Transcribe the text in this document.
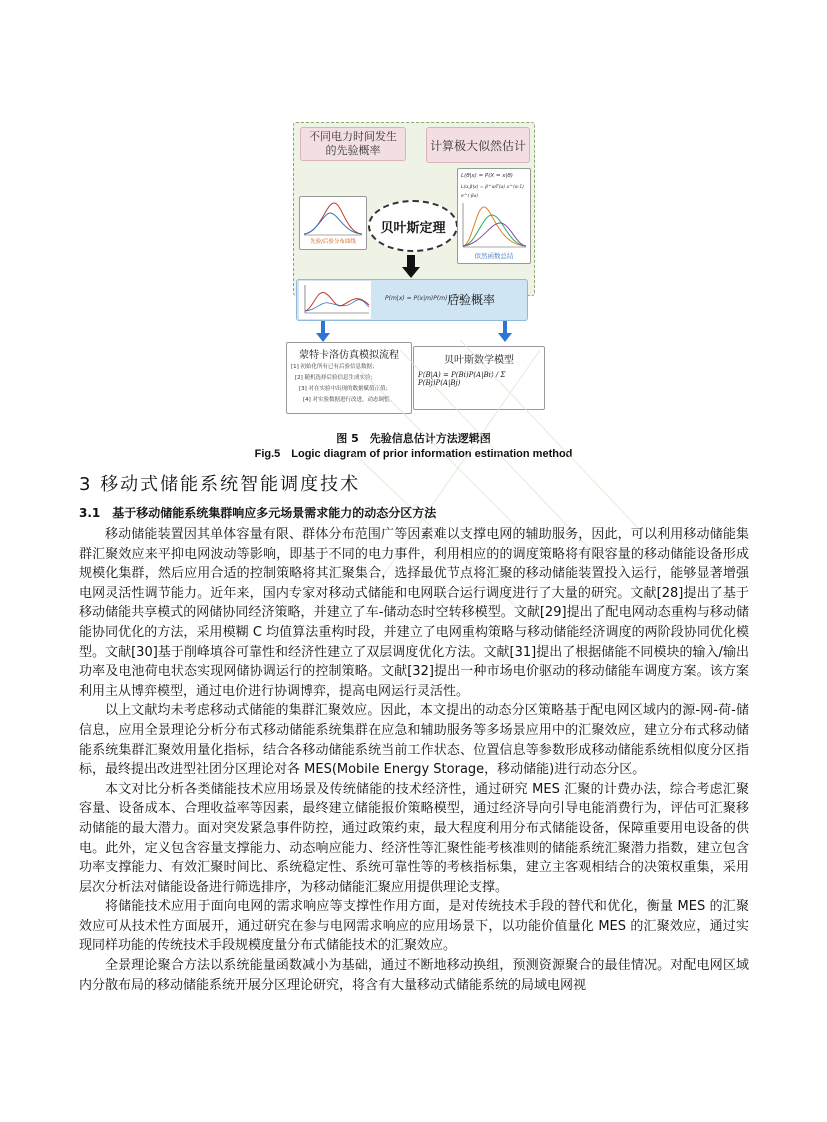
不同电力时间发生的先验概率	计算极大似然估计
先验/后验分布曲线
贝叶斯定理
L(θ|x) = P(X = x|θ)
L(α,β|x) = β^α/Γ(α) x^(α-1) e^(-βx)
似然函数总结
P(m|x) = P(x|m)P(m) / P(x)
后验概率
蒙特卡洛仿真模拟流程
[1] 初始化所有已有后验信息数据；
[2] 随机选择后验信息生成实验；
[3] 对在实验中出现的数据赋值正值；
[4] 对实验数据进行改进，动态调整。
贝叶斯数学模型
P(B|A) = P(Bi)P(A|Bi) / Σ P(Bj)P(A|Bj)
图 5　先验信息估计方法逻辑图
Fig.5　Logic diagram of prior information estimation method
3 移动式储能系统智能调度技术
3.1　基于移动储能系统集群响应多元场景需求能力的动态分区方法

移动储能装置因其单体容量有限、群体分布范围广等因素难以支撑电网的辅助服务，因此，可以利用移动储能集群汇聚效应来平抑电网波动等影响，即基于不同的电力事件，利用相应的的调度策略将有限容量的移动储能设备形成规模化集群，然后应用合适的控制策略将其汇聚集合，选择最优节点将汇聚的移动储能装置投入运行，能够显著增强电网灵活性调节能力。近年来，国内专家对移动式储能和电网联合运行调度进行了大量的研究。文献[28]提出了基于移动储能共享模式的网储协同经济策略，并建立了车-储动态时空转移模型。文献[29]提出了配电网动态重构与移动储能协同优化的方法，采用模糊 C 均值算法重构时段，并建立了电网重构策略与移动储能经济调度的两阶段协同优化模型。文献[30]基于削峰填谷可靠性和经济性建立了双层调度优化方法。文献[31]提出了根据储能不同模块的输入/输出功率及电池荷电状态实现网储协调运行的控制策略。文献[32]提出一种市场电价驱动的移动储能车调度方案。该方案利用主从博弈模型，通过电价进行协调博弈，提高电网运行灵活性。

以上文献均未考虑移动式储能的集群汇聚效应。因此，本文提出的动态分区策略基于配电网区域内的源-网-荷-储信息，应用全景理论分析分布式移动储能系统集群在应急和辅助服务等多场景应用中的汇聚效应，建立分布式移动储能系统集群汇聚效用量化指标，结合各移动储能系统当前工作状态、位置信息等参数形成移动储能系统相似度分区指标，最终提出改进型社团分区理论对各 MES(Mobile Energy Storage，移动储能)进行动态分区。

本文对比分析各类储能技术应用场景及传统储能的技术经济性，通过研究 MES 汇聚的计费办法，综合考虑汇聚容量、设备成本、合理收益率等因素，最终建立储能报价策略模型，通过经济导向引导电能消费行为，评估可汇聚移动储能的最大潜力。面对突发紧急事件防控，通过政策约束，最大程度利用分布式储能设备，保障重要用电设备的供电。此外，定义包含容量支撑能力、动态响应能力、经济性等汇聚性能考核准则的储能系统汇聚潜力指数，建立包含功率支撑能力、有效汇聚时间比、系统稳定性、系统可靠性等的考核指标集，建立主客观相结合的决策权重集，采用层次分析法对储能设备进行筛选排序，为移动储能汇聚应用提供理论支撑。

将储能技术应用于面向电网的需求响应等支撑性作用方面，是对传统技术手段的替代和优化，衡量 MES 的汇聚效应可从技术性方面展开，通过研究在参与电网需求响应的应用场景下，以功能价值量化 MES 的汇聚效应，通过实现同样功能的传统技术手段规模度量分布式储能技术的汇聚效应。

全景理论聚合方法以系统能量函数减小为基础，通过不断地移动换组，预测资源聚合的最佳情况。对配电网区域内分散布局的移动储能系统开展分区理论研究，将含有大量移动式储能系统的局域电网视
